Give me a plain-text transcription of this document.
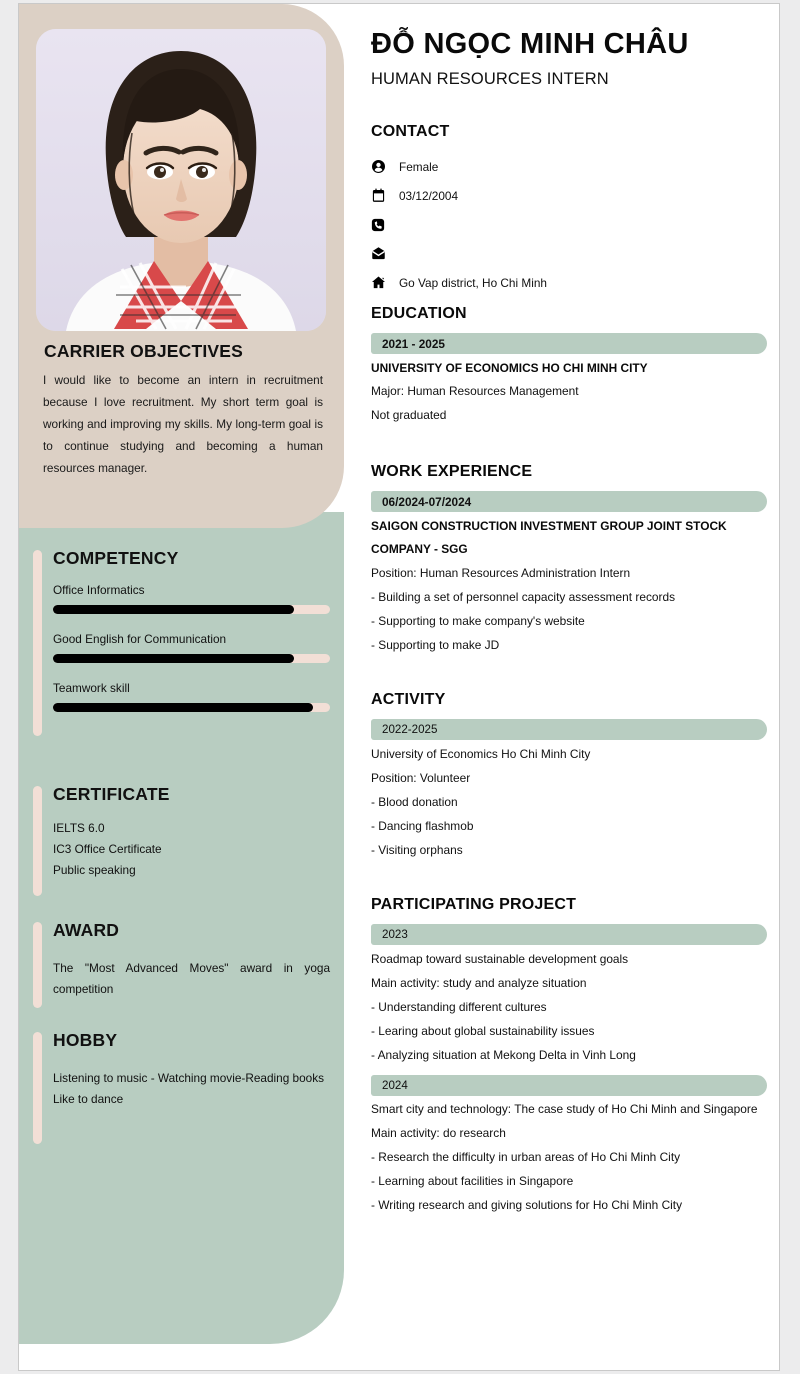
CARRIER OBJECTIVES
I would like to become an intern in recruitment because I love recruitment. My short term goal is working and improving my skills. My long-term goal is to continue studying and becoming a human resources manager.
COMPETENCY

Office Informatics

Good English for Communication

Teamwork skill

CERTIFICATE
IELTS 6.0
IC3 Office Certificate
Public speaking
AWARD
The "Most Advanced Moves" award in yoga competition
HOBBY
Listening to music - Watching movie-Reading books
Like to dance
ĐỖ NGỌC MINH CHÂU
HUMAN RESOURCES INTERN

CONTACT

Female
03/12/2004
Go Vap district, Ho Chi Minh

EDUCATION

2021 - 2025
UNIVERSITY OF ECONOMICS HO CHI MINH CITY
Major: Human Resources Management
Not graduated

WORK EXPERIENCE

06/2024-07/2024
SAIGON CONSTRUCTION INVESTMENT GROUP JOINT STOCK COMPANY - SGG
Position: Human Resources Administration Intern
- Building a set of personnel capacity assessment records
- Supporting to make company's website
- Supporting to make JD

ACTIVITY

2022-2025
University of Economics Ho Chi Minh City
Position: Volunteer
- Blood donation
- Dancing flashmob
- Visiting orphans

PARTICIPATING PROJECT

2023
Roadmap toward sustainable development goals
Main activity: study and analyze situation
- Understanding different cultures
- Learing about global sustainability issues
- Analyzing situation at Mekong Delta in Vinh Long
2024
Smart city and technology: The case study of Ho Chi Minh and Singapore
Main activity: do research
- Research the difficulty in urban areas of Ho Chi Minh City
- Learning about facilities in Singapore
- Writing research and giving solutions for Ho Chi Minh City
